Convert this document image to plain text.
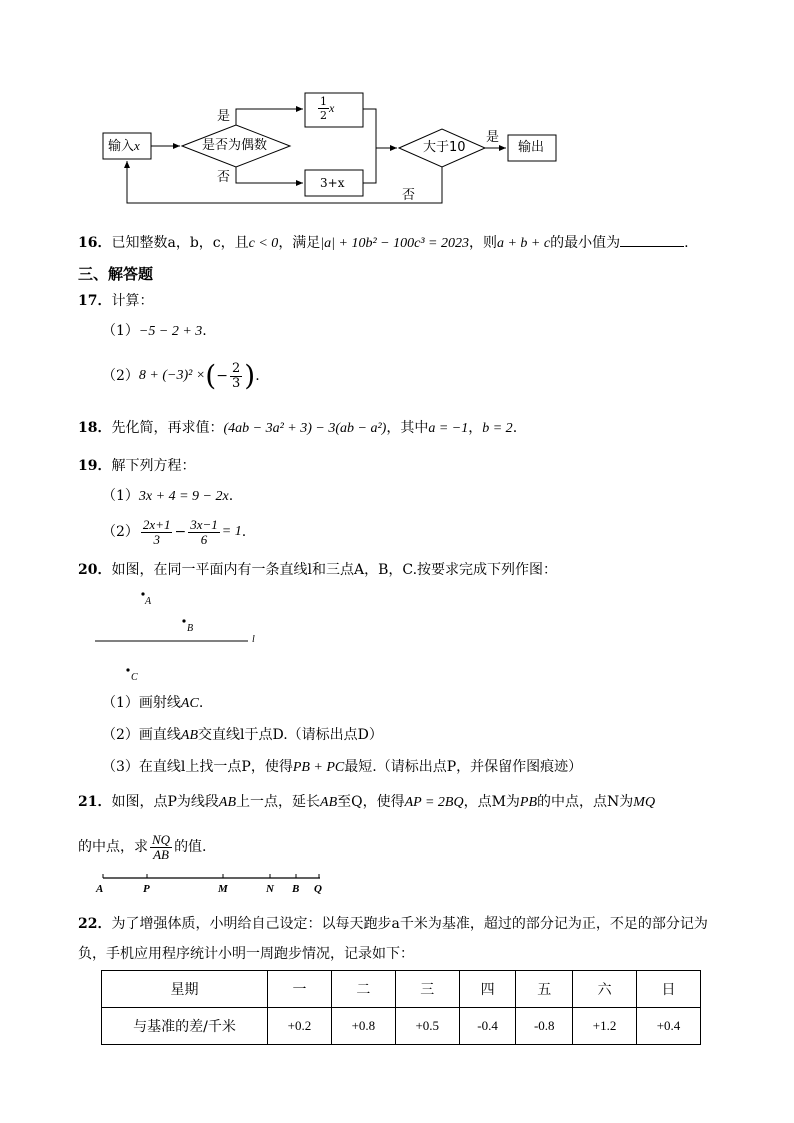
输入x	是否为偶数
是
否
$\frac{1}{2}$ x
3+x
大于10
是
输出
否
16．已知整数a，b，c，且c < 0，满足|a| + 10b² − 100c³ = 2023，则a + b + c的最小值为	.
三、解答题
17．计算：
（1）−5 − 2 + 3.
（2） 8 + (−3)² × ( − $\frac{2}{3}$ ) .
18．先化简，再求值：(4ab − 3a² + 3) − 3(ab − a²)，其中a = −1，b = 2.
19．解下列方程：
（1）3x + 4 = 9 − 2x.
$(2) \frac{2x+1}{3} - \frac{3x-1}{6} = 1$ .
20．如图，在同一平面内有一条直线l和三点A，B，C.按要求完成下列作图：
A
B
C
l
（1）画射线AC.
（2）画直线AB交直线l于点D.（请标出点D）
（3）在直线l上找一点P，使得PB + PC最短.（请标出点P，并保留作图痕迹）
21．如图，点P为线段AB上一点，延长AB至Q，使得AP = 2BQ，点M为PB的中点，点N为MQ
的中点，求 $\frac{NQ}{AB}$ 的值.
A	P	M	N B Q
22．为了增强体质，小明给自己设定：以每天跑步a千米为基准，超过的部分记为正，不足的部分记为
负，手机应用程序统计小明一周跑步情况，记录如下：
星期	一	二	三	四	五	六	日
与基准的差/千米	+0.2	+0.8	+0.5	-0.4	-0.8	+1.2	+0.4
